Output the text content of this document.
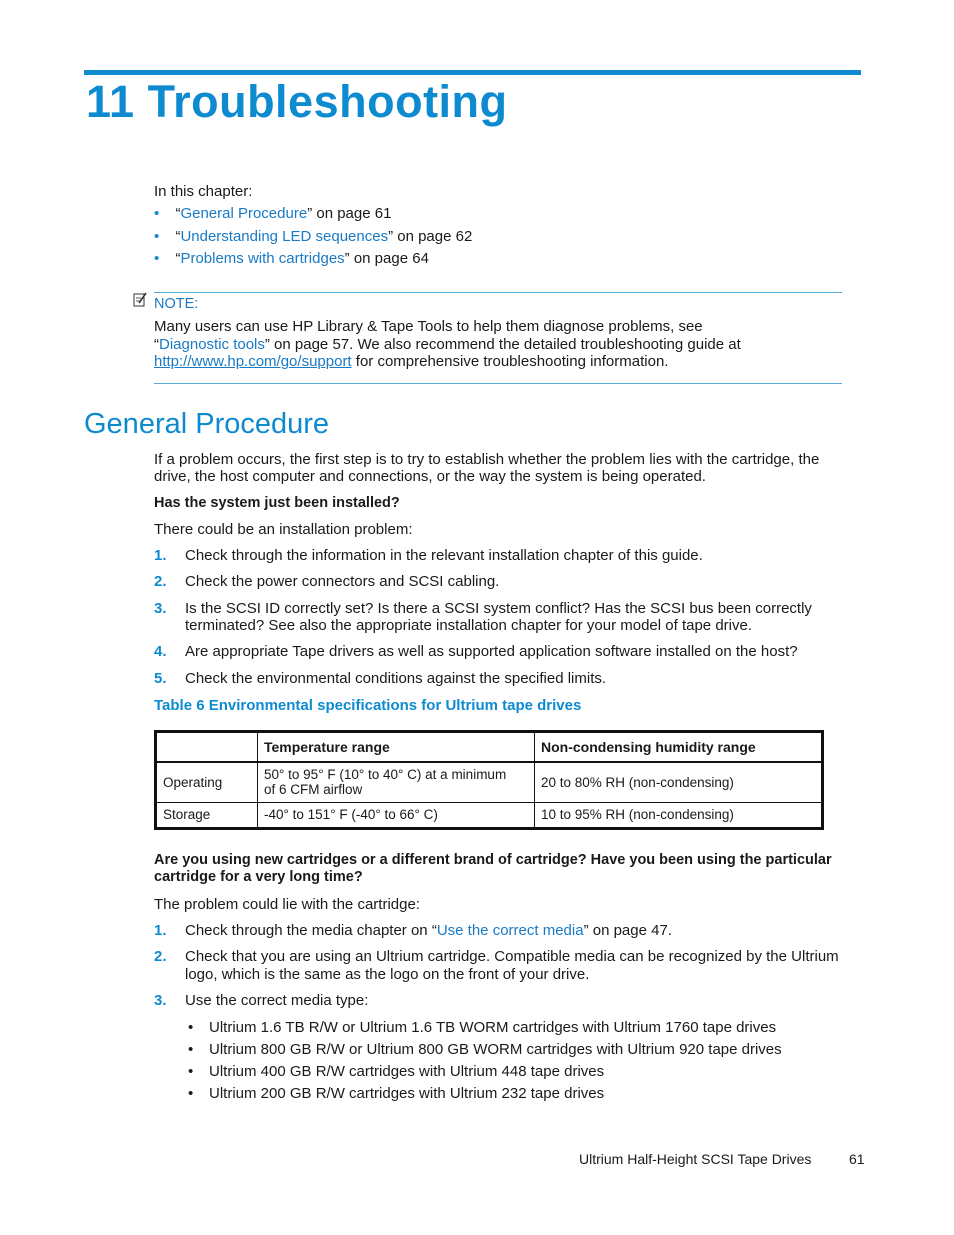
11 Troubleshooting
In this chapter:
• “General Procedure” on page 61
• “Understanding LED sequences” on page 62
• “Problems with cartridges” on page 64
NOTE:
Many users can use HP Library & Tape Tools to help them diagnose problems, see
“Diagnostic tools” on page 57. We also recommend the detailed troubleshooting guide at
http://www.hp.com/go/support for comprehensive troubleshooting information.
General Procedure
If a problem occurs, the first step is to try to establish whether the problem lies with the cartridge, the
drive, the host computer and connections, or the way the system is being operated.
Has the system just been installed?
There could be an installation problem:
1. Check through the information in the relevant installation chapter of this guide.
2. Check the power connectors and SCSI cabling.
3. Is the SCSI ID correctly set? Is there a SCSI system conflict? Has the SCSI bus been correctly
terminated? See also the appropriate installation chapter for your model of tape drive.
4. Are appropriate Tape drivers as well as supported application software installed on the host?
5. Check the environmental conditions against the specified limits.
Table 6 Environmental specifications for Ultrium tape drives
	Temperature range	Non-condensing humidity range
Operating	50° to 95° F (10° to 40° C) at a minimum
of 6 CFM airflow	20 to 80% RH (non-condensing)
Storage	-40° to 151° F (-40° to 66° C)	10 to 95% RH (non-condensing)
Are you using new cartridges or a different brand of cartridge? Have you been using the particular
cartridge for a very long time?
The problem could lie with the cartridge:
1. Check through the media chapter on “Use the correct media” on page 47.
2. Check that you are using an Ultrium cartridge. Compatible media can be recognized by the Ultrium
logo, which is the same as the logo on the front of your drive.
3. Use the correct media type:
• Ultrium 1.6 TB R/W or Ultrium 1.6 TB WORM cartridges with Ultrium 1760 tape drives
• Ultrium 800 GB R/W or Ultrium 800 GB WORM cartridges with Ultrium 920 tape drives
• Ultrium 400 GB R/W cartridges with Ultrium 448 tape drives
• Ultrium 200 GB R/W cartridges with Ultrium 232 tape drives
Ultrium Half-Height SCSI Tape Drives	61
